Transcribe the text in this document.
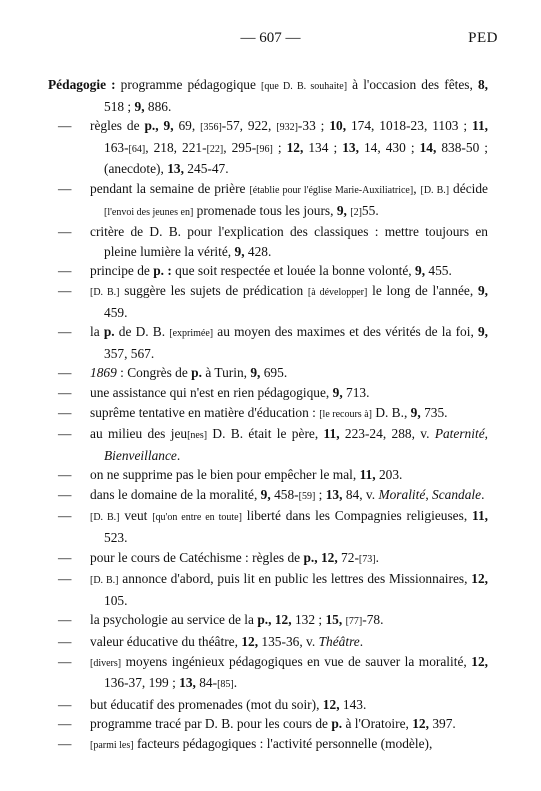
— 607 —	PED
Pédagogie : programme pédagogique [que D. B. souhaite] à l'occasion des fêtes, 8, 518 ; 9, 886.
— règles de p., 9, 69, [356]-57, 922, [932]-33 ; 10, 174, 1018-23, 1103 ; 11, 163-[64], 218, 221-[22], 295-[96] ; 12, 134 ; 13, 14, 430 ; 14, 838-50 ; (anecdote), 13, 245-47.
— pendant la semaine de prière [établie pour l'église Marie-Auxiliatrice], [D. B.] décide [l'envoi des jeunes en] promenade tous les jours, 9, [2]55.
— critère de D. B. pour l'explication des classiques : mettre toujours en pleine lumière la vérité, 9, 428.
— principe de p. : que soit respectée et louée la bonne volonté, 9, 455.
— [D. B.] suggère les sujets de prédication [à développer] le long de l'année, 9, 459.
— la p. de D. B. [exprimée] au moyen des maximes et des vérités de la foi, 9, 357, 567.
— 1869 : Congrès de p. à Turin, 9, 695.
— une assistance qui n'est en rien pédagogique, 9, 713.
— suprême tentative en matière d'éducation : [le recours à] D. B., 9, 735.
— au milieu des jeu[nes] D. B. était le père, 11, 223-24, 288, v. Paternité, Bienveillance.
— on ne supprime pas le bien pour empêcher le mal, 11, 203.
— dans le domaine de la moralité, 9, 458-[59] ; 13, 84, v. Moralité, Scandale.
— [D. B.] veut [qu'on entre en toute] liberté dans les Compagnies religieuses, 11, 523.
— pour le cours de Catéchisme : règles de p., 12, 72-[73].
— [D. B.] annonce d'abord, puis lit en public les lettres des Missionnaires, 12, 105.
— la psychologie au service de la p., 12, 132 ; 15, [77]-78.
— valeur éducative du théâtre, 12, 135-36, v. Théâtre.
— [divers] moyens ingénieux pédagogiques en vue de sauver la moralité, 12, 136-37, 199 ; 13, 84-[85].
— but éducatif des promenades (mot du soir), 12, 143.
— programme tracé par D. B. pour les cours de p. à l'Oratoire, 12, 397.
— [parmi les] facteurs pédagogiques : l'activité personnelle (modèle),
